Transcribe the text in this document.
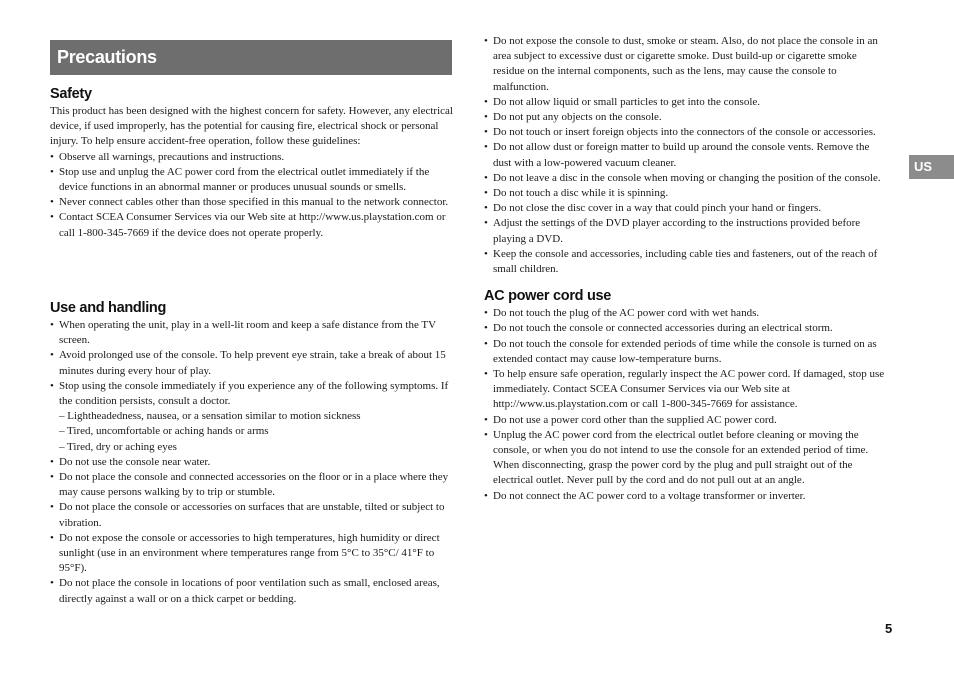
Precautions
Safety

This product has been designed with the highest concern for safety. However, any electrical device, if used improperly, has the potential for causing fire, electrical shock or personal injury. To help ensure accident-free operation, follow these guidelines:

• Observe all warnings, precautions and instructions.
• Stop use and unplug the AC power cord from the electrical outlet immediately if the device functions in an abnormal manner or produces unusual sounds or smells.
• Never connect cables other than those specified in this manual to the network connector.
• Contact SCEA Consumer Services via our Web site at http://www.us.playstation.com or call 1-800-345-7669 if the device does not operate properly.
Use and handling
• When operating the unit, play in a well-lit room and keep a safe distance from the TV screen.
• Avoid prolonged use of the console. To help prevent eye strain, take a break of about 15 minutes during every hour of play.
• Stop using the console immediately if you experience any of the following symptoms. If the condition persists, consult a doctor.
– Lightheadedness, nausea, or a sensation similar to motion sickness
– Tired, uncomfortable or aching hands or arms
– Tired, dry or aching eyes
• Do not use the console near water.
• Do not place the console and connected accessories on the floor or in a place where they may cause persons walking by to trip or stumble.
• Do not place the console or accessories on surfaces that are unstable, tilted or subject to vibration.
• Do not expose the console or accessories to high temperatures, high humidity or direct sunlight (use in an environment where temperatures range from 5°C to 35°C/ 41°F to 95°F).
• Do not place the console in locations of poor ventilation such as small, enclosed areas, directly against a wall or on a thick carpet or bedding.
• Do not expose the console to dust, smoke or steam. Also, do not place the console in an area subject to excessive dust or cigarette smoke. Dust build-up or cigarette smoke residue on the internal components, such as the lens, may cause the console to malfunction.
• Do not allow liquid or small particles to get into the console.
• Do not put any objects on the console.
• Do not touch or insert foreign objects into the connectors of the console or accessories.
• Do not allow dust or foreign matter to build up around the console vents. Remove the dust with a low-powered vacuum cleaner.
• Do not leave a disc in the console when moving or changing the position of the console.
• Do not touch a disc while it is spinning.
• Do not close the disc cover in a way that could pinch your hand or fingers.
• Adjust the settings of the DVD player according to the instructions provided before playing a DVD.
• Keep the console and accessories, including cable ties and fasteners, out of the reach of small children.
AC power cord use
• Do not touch the plug of the AC power cord with wet hands.
• Do not touch the console or connected accessories during an electrical storm.
• Do not touch the console for extended periods of time while the console is turned on as extended contact may cause low-temperature burns.
• To help ensure safe operation, regularly inspect the AC power cord. If damaged, stop use immediately. Contact SCEA Consumer Services via our Web site at http://www.us.playstation.com or call 1-800-345-7669 for assistance.
• Do not use a power cord other than the supplied AC power cord.
• Unplug the AC power cord from the electrical outlet before cleaning or moving the console, or when you do not intend to use the console for an extended period of time. When disconnecting, grasp the power cord by the plug and pull straight out of the electrical outlet. Never pull by the cord and do not pull out at an angle.
• Do not connect the AC power cord to a voltage transformer or inverter.
US
5
